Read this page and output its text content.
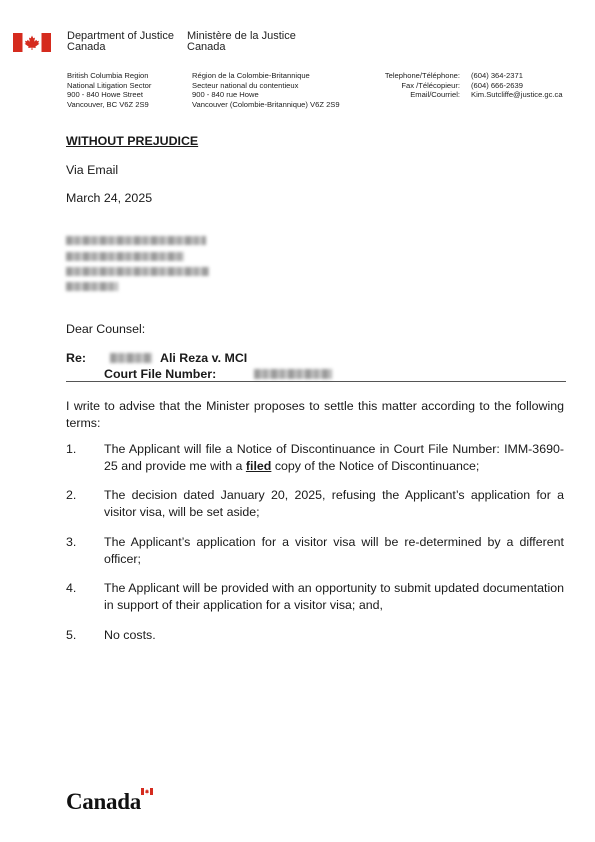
Department of Justice
Canada
Ministère de la Justice
Canada
British Columbia Region
National Litigation Sector
900 - 840 Howe Street
Vancouver, BC V6Z 2S9
Région de la Colombie-Britannique
Secteur national du contentieux
900 - 840 rue Howe
Vancouver (Colombie-Britannique) V6Z 2S9
Telephone/Téléphone:
Fax /Télécopieur:
Email/Courriel:
(604) 364-2371
(604) 666-2639
Kim.Sutcliffe@justice.gc.ca
WITHOUT PREJUDICE
Via Email
March 24, 2025
Dear Counsel:
Re:	Ali Reza v. MCI
Court File Number:
I write to advise that the Minister proposes to settle this matter according to the following terms:
1. The Applicant will file a Notice of Discontinuance in Court File Number: IMM-3690-25 and provide me with a filed copy of the Notice of Discontinuance;
2. The decision dated January 20, 2025, refusing the Applicant’s application for a visitor visa, will be set aside;
3. The Applicant’s application for a visitor visa will be re-determined by a different officer;
4. The Applicant will be provided with an opportunity to submit updated documentation in support of their application for a visitor visa; and,
5. No costs.
Canada
